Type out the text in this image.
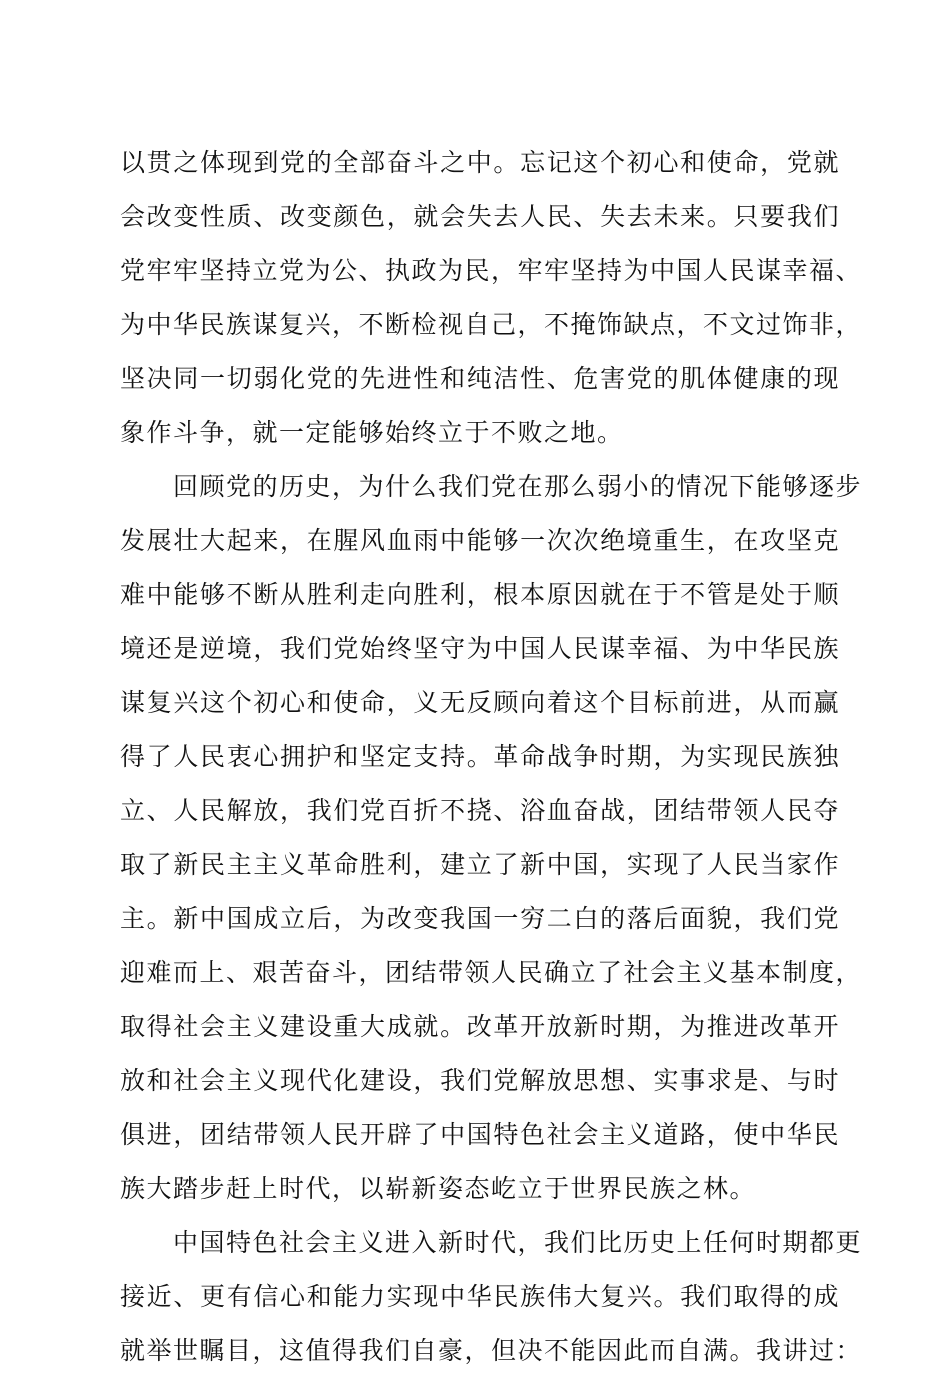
以贯之体现到党的全部奋斗之中。忘记这个初心和使命，党就
会改变性质、改变颜色，就会失去人民、失去未来。只要我们
党牢牢坚持立党为公、执政为民，牢牢坚持为中国人民谋幸福、
为中华民族谋复兴，不断检视自己，不掩饰缺点，不文过饰非，
坚决同一切弱化党的先进性和纯洁性、危害党的肌体健康的现
象作斗争，就一定能够始终立于不败之地。
　　回顾党的历史，为什么我们党在那么弱小的情况下能够逐步
发展壮大起来，在腥风血雨中能够一次次绝境重生，在攻坚克
难中能够不断从胜利走向胜利，根本原因就在于不管是处于顺
境还是逆境，我们党始终坚守为中国人民谋幸福、为中华民族
谋复兴这个初心和使命，义无反顾向着这个目标前进，从而赢
得了人民衷心拥护和坚定支持。革命战争时期，为实现民族独
立、人民解放，我们党百折不挠、浴血奋战，团结带领人民夺
取了新民主主义革命胜利，建立了新中国，实现了人民当家作
主。新中国成立后，为改变我国一穷二白的落后面貌，我们党
迎难而上、艰苦奋斗，团结带领人民确立了社会主义基本制度，
取得社会主义建设重大成就。改革开放新时期，为推进改革开
放和社会主义现代化建设，我们党解放思想、实事求是、与时
俱进，团结带领人民开辟了中国特色社会主义道路，使中华民
族大踏步赶上时代，以崭新姿态屹立于世界民族之林。
　　中国特色社会主义进入新时代，我们比历史上任何时期都更
接近、更有信心和能力实现中华民族伟大复兴。我们取得的成
就举世瞩目，这值得我们自豪，但决不能因此而自满。我讲过：
